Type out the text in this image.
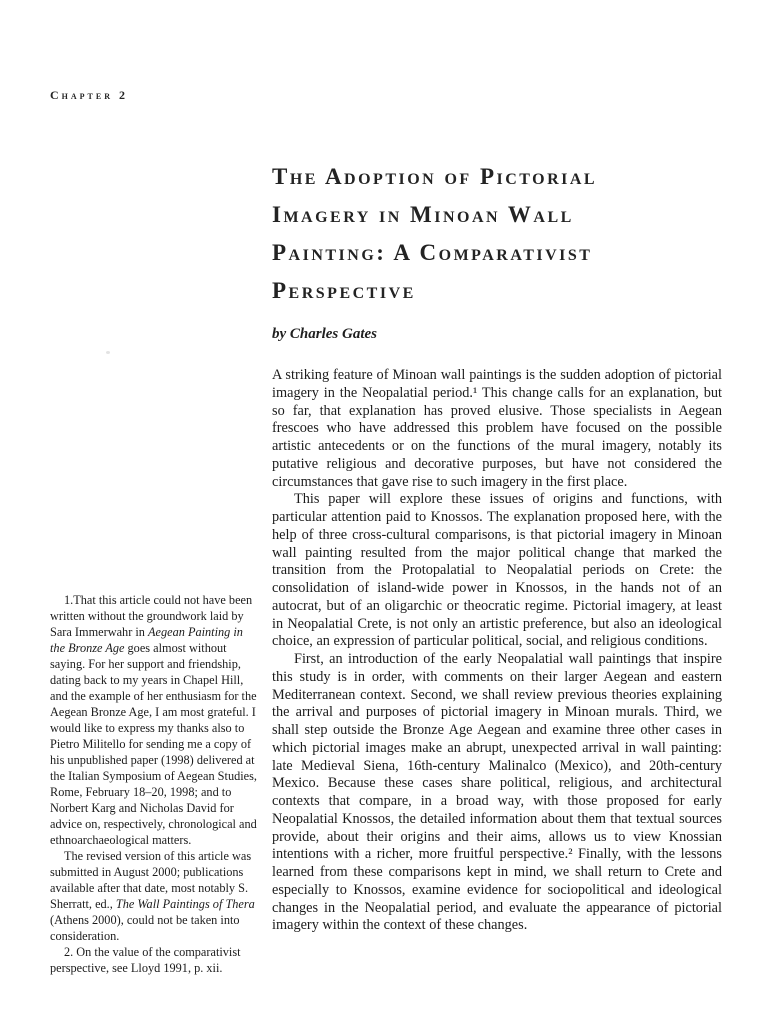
Chapter 2

1.That this article could not have been written without the groundwork laid by Sara Immerwahr in Aegean Painting in the Bronze Age goes almost without saying. For her support and friendship, dating back to my years in Chapel Hill, and the example of her enthusiasm for the Aegean Bronze Age, I am most grateful. I would like to express my thanks also to Pietro Militello for sending me a copy of his unpublished paper (1998) delivered at the Italian Symposium of Aegean Studies, Rome, February 18–20, 1998; and to Norbert Karg and Nicholas David for advice on, respectively, chronological and ethnoarchaeological matters.

The revised version of this article was submitted in August 2000; publications available after that date, most notably S. Sherratt, ed., The Wall Paintings of Thera (Athens 2000), could not be taken into consideration.

2. On the value of the comparativist perspective, see Lloyd 1991, p. xii.

The Adoption of Pictorial
Imagery in Minoan Wall
Painting: A Comparativist
Perspective
by Charles Gates

A striking feature of Minoan wall paintings is the sudden adoption of pictorial imagery in the Neopalatial period.¹ This change calls for an explanation, but so far, that explanation has proved elusive. Those specialists in Aegean frescoes who have addressed this problem have focused on the possible artistic antecedents or on the functions of the mural imagery, notably its putative religious and decorative purposes, but have not considered the circumstances that gave rise to such imagery in the first place.

This paper will explore these issues of origins and functions, with particular attention paid to Knossos. The explanation proposed here, with the help of three cross-cultural comparisons, is that pictorial imagery in Minoan wall painting resulted from the major political change that marked the transition from the Protopalatial to Neopalatial periods on Crete: the consolidation of island-wide power in Knossos, in the hands not of an autocrat, but of an oligarchic or theocratic regime. Pictorial imagery, at least in Neopalatial Crete, is not only an artistic preference, but also an ideological choice, an expression of particular political, social, and religious conditions.

First, an introduction of the early Neopalatial wall paintings that inspire this study is in order, with comments on their larger Aegean and eastern Mediterranean context. Second, we shall review previous theories explaining the arrival and purposes of pictorial imagery in Minoan murals. Third, we shall step outside the Bronze Age Aegean and examine three other cases in which pictorial images make an abrupt, unexpected arrival in wall painting: late Medieval Siena, 16th-century Malinalco (Mexico), and 20th-century Mexico. Because these cases share political, religious, and architectural contexts that compare, in a broad way, with those proposed for early Neopalatial Knossos, the detailed information about them that textual sources provide, about their origins and their aims, allows us to view Knossian intentions with a richer, more fruitful perspective.² Finally, with the lessons learned from these comparisons kept in mind, we shall return to Crete and especially to Knossos, examine evidence for sociopolitical and ideological changes in the Neopalatial period, and evaluate the appearance of pictorial imagery within the context of these changes.
